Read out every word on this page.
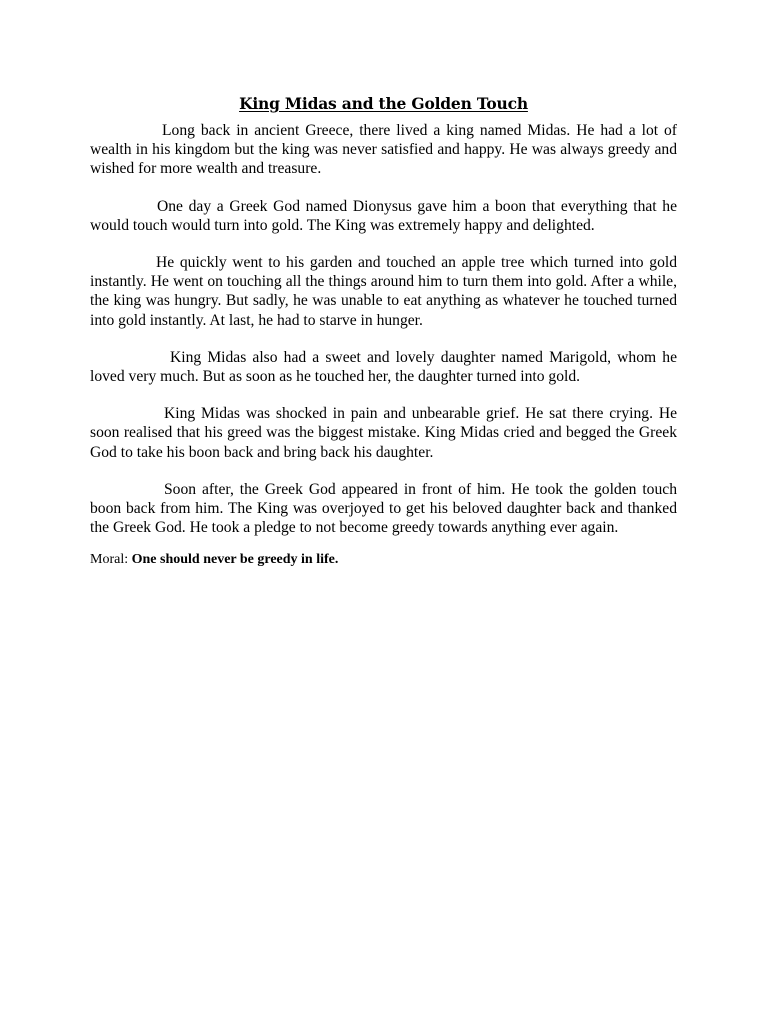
King Midas and the Golden Touch

Long back in ancient Greece, there lived a king named Midas. He had a lot of wealth in his kingdom but the king was never satisfied and happy. He was always greedy and wished for more wealth and treasure.

One day a Greek God named Dionysus gave him a boon that everything that he would touch would turn into gold. The King was extremely happy and delighted.

He quickly went to his garden and touched an apple tree which turned into gold instantly. He went on touching all the things around him to turn them into gold. After a while, the king was hungry. But sadly, he was unable to eat anything as whatever he touched turned into gold instantly. At last, he had to starve in hunger.

King Midas also had a sweet and lovely daughter named Marigold, whom he loved very much. But as soon as he touched her, the daughter turned into gold.

King Midas was shocked in pain and unbearable grief. He sat there crying. He soon realised that his greed was the biggest mistake. King Midas cried and begged the Greek God to take his boon back and bring back his daughter.

Soon after, the Greek God appeared in front of him. He took the golden touch boon back from him. The King was overjoyed to get his beloved daughter back and thanked the Greek God. He took a pledge to not become greedy towards anything ever again.

Moral: One should never be greedy in life.
